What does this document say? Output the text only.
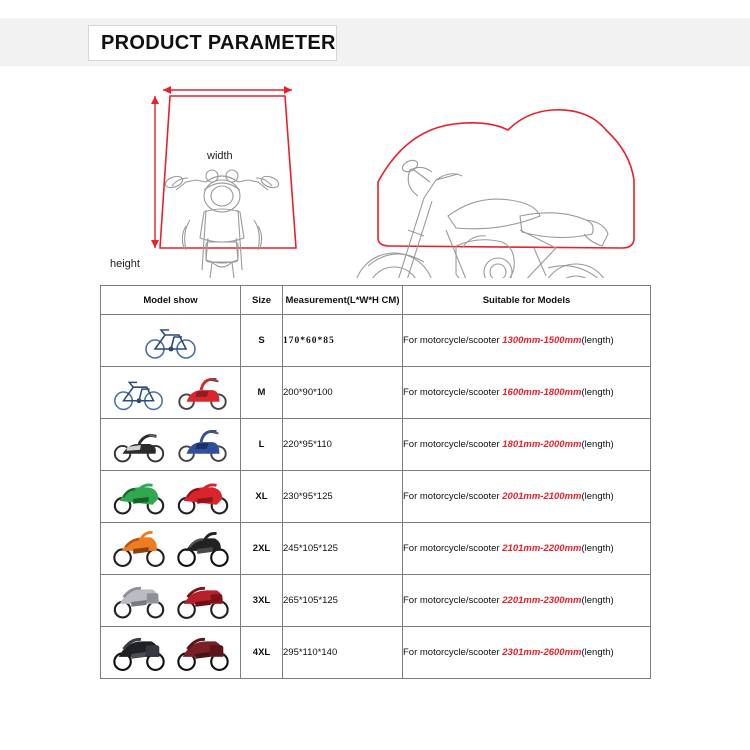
PRODUCT PARAMETER
width
height
Model show	Size	Measurement(L*W*H CM)	Suitable for Models

	S	170*60*85	For motorcycle/scooter 1300mm-1500mm(length)

	M	200*90*100	For motorcycle/scooter 1600mm-1800mm(length)

	L	220*95*110	For motorcycle/scooter 1801mm-2000mm(length)

	XL	230*95*125	For motorcycle/scooter 2001mm-2100mm(length)

	2XL	245*105*125	For motorcycle/scooter 2101mm-2200mm(length)

	3XL	265*105*125	For motorcycle/scooter 2201mm-2300mm(length)

	4XL	295*110*140	For motorcycle/scooter 2301mm-2600mm(length)
